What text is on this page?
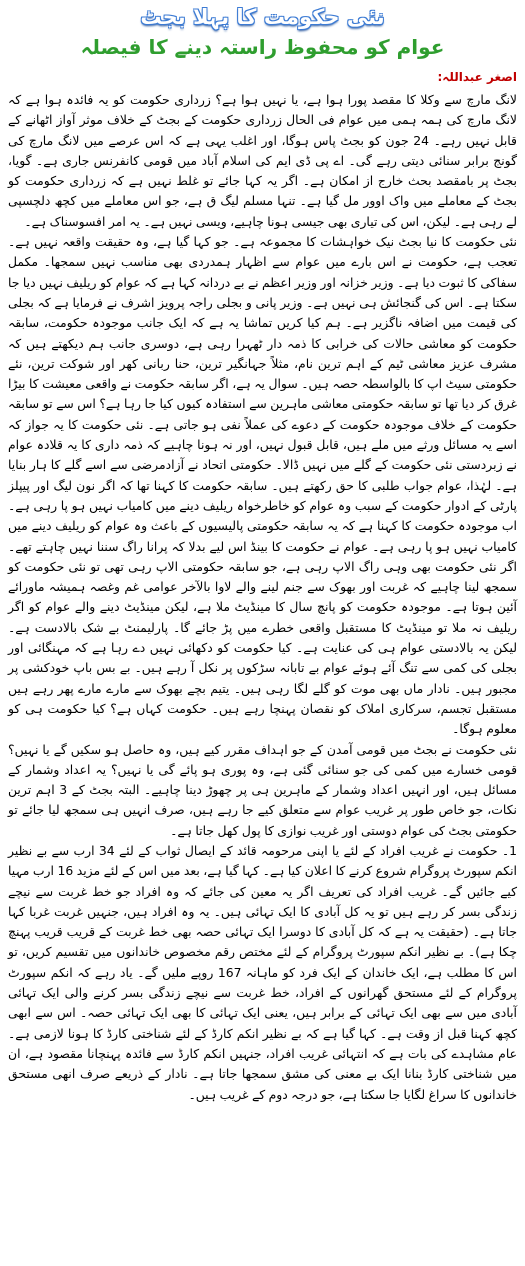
نئی حکومت کا پہلا بجٹ
عوام کو محفوظ راستہ دینے کا فیصلہ
اصغر عبداللہ:

لانگ مارچ سے وکلا کا مقصد پورا ہوا ہے، یا نہیں ہوا ہے؟ زرداری حکومت کو یہ فائدہ ہوا ہے کہ لانگ مارچ کی ہمہ ہمی میں عوام فی الحال زرداری حکومت کے بجٹ کے خلاف موثر آواز اٹھانے کے قابل نہیں رہے۔ 24 جون کو بجٹ پاس ہوگا، اور اغلب یہی ہے کہ اس عرصے میں لانگ مارچ کی گونج برابر سنائی دیتی رہے گی۔ اے پی ڈی ایم کی اسلام آباد میں قومی کانفرنس جاری ہے۔ گویا، بجٹ پر بامقصد بحث خارج از امکان ہے۔ اگر یہ کہا جائے تو غلط نہیں ہے کہ زرداری حکومت کو بجٹ کے معاملے میں واک اوور مل گیا ہے۔ تنہا مسلم لیگ ق ہے، جو اس معاملے میں کچھ دلچسپی لے رہی ہے۔ لیکن، اس کی تیاری بھی جیسی ہونا چاہیے، ویسی نہیں ہے۔ یہ امر افسوسناک ہے۔

نئی حکومت کا نیا بجٹ نیک خواہشات کا مجموعہ ہے۔ جو کہا گیا ہے، وہ حقیقت واقعہ نہیں ہے۔ تعجب ہے، حکومت نے اس بارے میں عوام سے اظہار ہمدردی بھی مناسب نہیں سمجھا۔ مکمل سفاکی کا ثبوت دیا ہے۔ وزیر خزانہ اور وزیر اعظم نے بے دردانہ کہا ہے کہ عوام کو ریلیف نہیں دیا جا سکتا ہے۔ اس کی گنجائش ہی نہیں ہے۔ وزیر پانی و بجلی راجہ پرویز اشرف نے فرمایا ہے کہ بجلی کی قیمت میں اضافہ ناگزیر ہے۔ ہم کیا کریں تماشا یہ ہے کہ ایک جانب موجودہ حکومت، سابقہ حکومت کو معاشی حالات کی خرابی کا ذمہ دار ٹھہرا رہی ہے، دوسری جانب ہم دیکھتے ہیں کہ مشرف عزیز معاشی ٹیم کے اہم ترین نام، مثلاً جہانگیر ترین، حنا ربانی کھر اور شوکت ترین، نئے حکومتی سیٹ اپ کا بالواسطہ حصہ ہیں۔ سوال یہ ہے، اگر سابقہ حکومت نے واقعی معیشت کا بیڑا غرق کر دیا تھا تو سابقہ حکومتی معاشی ماہرین سے استفادہ کیوں کیا جا رہا ہے؟ اس سے تو سابقہ حکومت کے خلاف موجودہ حکومت کے دعوے کی عملاً نفی ہو جاتی ہے۔ نئی حکومت کا یہ جواز کہ اسے یہ مسائل ورثے میں ملے ہیں، قابل قبول نہیں، اور نہ ہونا چاہیے کہ ذمہ داری کا یہ قلادہ عوام نے زبردستی نئی حکومت کے گلے میں نہیں ڈالا۔ حکومتی اتحاد نے آزادمرضی سے اسے گلے کا ہار بنایا ہے۔ لہٰذا، عوام جواب طلبی کا حق رکھتے ہیں۔ سابقہ حکومت کا کہنا تھا کہ اگر نون لیگ اور پیپلز پارٹی کے ادوار حکومت کے سبب وہ عوام کو خاطرخواہ ریلیف دینے میں کامیاب نہیں ہو پا رہی ہے۔ اب موجودہ حکومت کا کہنا ہے کہ یہ سابقہ حکومتی پالیسیوں کے باعث وہ عوام کو ریلیف دینے میں کامیاب نہیں ہو پا رہی ہے۔ عوام نے حکومت کا بینڈ اس لیے بدلا کہ پرانا راگ سننا نہیں چاہتے تھے۔ اگر نئی حکومت بھی وہی راگ الاپ رہی ہے، جو سابقہ حکومتی الاپ رہی تھی تو نئی حکومت کو سمجھ لینا چاہیے کہ غربت اور بھوک سے جنم لینے والے لاوا بالآخر عوامی غم وغصہ ہمیشہ ماورائے آئین ہوتا ہے۔ موجودہ حکومت کو پانچ سال کا مینڈیٹ ملا ہے، لیکن مینڈیٹ دینے والے عوام کو اگر ریلیف نہ ملا تو مینڈیٹ کا مستقبل واقعی خطرے میں پڑ جائے گا۔ پارلیمنٹ بے شک بالادست ہے۔ لیکن یہ بالادستی عوام ہی کی عنایت ہے۔ کیا حکومت کو دکھائی نہیں دے رہا ہے کہ مہنگائی اور بجلی کی کمی سے تنگ آئے ہوئے عوام بے تابانہ سڑکوں پر نکل آ رہے ہیں۔ بے بس باپ خودکشی پر مجبور ہیں۔ نادار ماں بھی موت کو گلے لگا رہی ہیں۔ یتیم بچے بھوک سے مارے مارے پھر رہے ہیں مستقبل تجسم، سرکاری املاک کو نقصان پہنچا رہے ہیں۔ حکومت کہاں ہے؟ کیا حکومت ہی کو معلوم ہوگا۔

نئی حکومت نے بجٹ میں قومی آمدن کے جو اہداف مقرر کیے ہیں، وہ حاصل ہو سکیں گے یا نہیں؟ قومی خسارے میں کمی کی جو سنائی گئی ہے، وہ پوری ہو پائے گی یا نہیں؟ یہ اعداد وشمار کے مسائل ہیں، اور انہیں اعداد وشمار کے ماہرین ہی پر چھوڑ دینا چاہیے۔ البتہ بجٹ کے 3 اہم ترین نکات، جو خاص طور پر غریب عوام سے متعلق کیے جا رہے ہیں، صرف انہیں ہی سمجھ لیا جائے تو حکومتی بجٹ کی عوام دوستی اور غریب نوازی کا پول کھل جاتا ہے۔

1۔ حکومت نے غریب افراد کے لئے یا اپنی مرحومہ قائد کے ایصال ثواب کے لئے 34 ارب سے بے نظیر انکم سپورٹ پروگرام شروع کرنے کا اعلان کیا ہے۔ کہا گیا ہے، بعد میں اس کے لئے مزید 16 ارب مہیا کیے جائیں گے۔ غریب افراد کی تعریف اگر یہ معین کی جائے کہ وہ افراد جو خط غربت سے نیچے زندگی بسر کر رہے ہیں تو یہ کل آبادی کا ایک تہائی ہیں۔ یہ وہ افراد ہیں، جنہیں غربت غربا کہا جاتا ہے۔ (حقیقت یہ ہے کہ کل آبادی کا دوسرا ایک تہائی حصہ بھی خط غربت کے قریب قریب پہنچ چکا ہے)۔ بے نظیر انکم سپورٹ پروگرام کے لئے مختص رقم مخصوص خاندانوں میں تقسیم کریں، تو اس کا مطلب ہے، ایک خاندان کے ایک فرد کو ماہانہ 167 روپے ملیں گے۔ یاد رہے کہ انکم سپورٹ پروگرام کے لئے مستحق گھرانوں کے افراد، خط غربت سے نیچے زندگی بسر کرنے والی ایک تہائی آبادی میں سے بھی ایک تہائی کے برابر ہیں، یعنی ایک تہائی کا بھی ایک تہائی حصہ۔ اس سے ابھی کچھ کہنا قبل از وقت ہے۔ کہا گیا ہے کہ بے نظیر انکم کارڈ کے لئے شناختی کارڈ کا ہونا لازمی ہے۔ عام مشاہدے کی بات ہے کہ انتہائی غریب افراد، جنہیں انکم کارڈ سے فائدہ پہنچانا مقصود ہے، ان میں شناختی کارڈ بنانا ایک بے معنی کی مشق سمجھا جاتا ہے۔ نادار کے ذریعے صرف انھی مستحق خاندانوں کا سراغ لگایا جا سکتا ہے، جو درجہ دوم کے غریب ہیں۔
